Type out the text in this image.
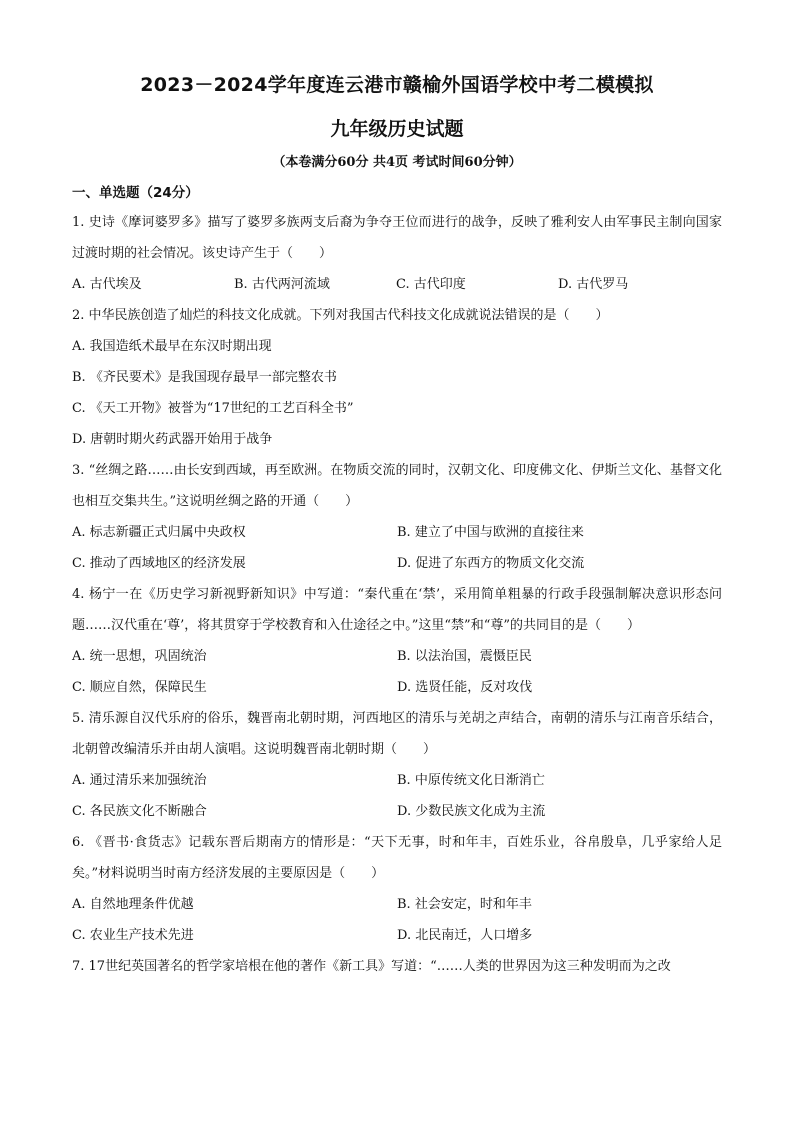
2023－2024学年度连云港市赣榆外国语学校中考二模模拟
九年级历史试题
（本卷满分60分 共4页 考试时间60分钟）
一、单选题（24分）
1. 史诗《摩诃婆罗多》描写了婆罗多族两支后裔为争夺王位而进行的战争，反映了雅利安人由军事民主制向国家过渡时期的社会情况。该史诗产生于（　　）
A. 古代埃及	B. 古代两河流域	C. 古代印度	D. 古代罗马
2. 中华民族创造了灿烂的科技文化成就。下列对我国古代科技文化成就说法错误的是（　　）
A. 我国造纸术最早在东汉时期出现
B. 《齐民要术》是我国现存最早一部完整农书
C. 《天工开物》被誉为“17世纪的工艺百科全书”
D. 唐朝时期火药武器开始用于战争
3. “丝绸之路……由长安到西域，再至欧洲。在物质交流的同时，汉朝文化、印度佛文化、伊斯兰文化、基督文化也相互交集共生。”这说明丝绸之路的开通（　　）
A. 标志新疆正式归属中央政权	B. 建立了中国与欧洲的直接往来
C. 推动了西域地区的经济发展	D. 促进了东西方的物质文化交流
4. 杨宁一在《历史学习新视野新知识》中写道：“秦代重在‘禁’，采用简单粗暴的行政手段强制解决意识形态问题……汉代重在‘尊’，将其贯穿于学校教育和入仕途径之中。”这里“禁”和“尊”的共同目的是（　　）
A. 统一思想，巩固统治	B. 以法治国，震慑臣民
C. 顺应自然，保障民生	D. 选贤任能，反对攻伐
5. 清乐源自汉代乐府的俗乐，魏晋南北朝时期，河西地区的清乐与羌胡之声结合，南朝的清乐与江南音乐结合，北朝曾改编清乐并由胡人演唱。这说明魏晋南北朝时期（　　）
A. 通过清乐来加强统治	B. 中原传统文化日渐消亡
C. 各民族文化不断融合	D. 少数民族文化成为主流
6. 《晋书·食货志》记载东晋后期南方的情形是：“天下无事，时和年丰，百姓乐业，谷帛殷阜，几乎家给人足矣。”材料说明当时南方经济发展的主要原因是（　　）
A. 自然地理条件优越	B. 社会安定，时和年丰
C. 农业生产技术先进	D. 北民南迁，人口增多
7. 17世纪英国著名的哲学家培根在他的著作《新工具》写道：“……人类的世界因为这三种发明而为之改
